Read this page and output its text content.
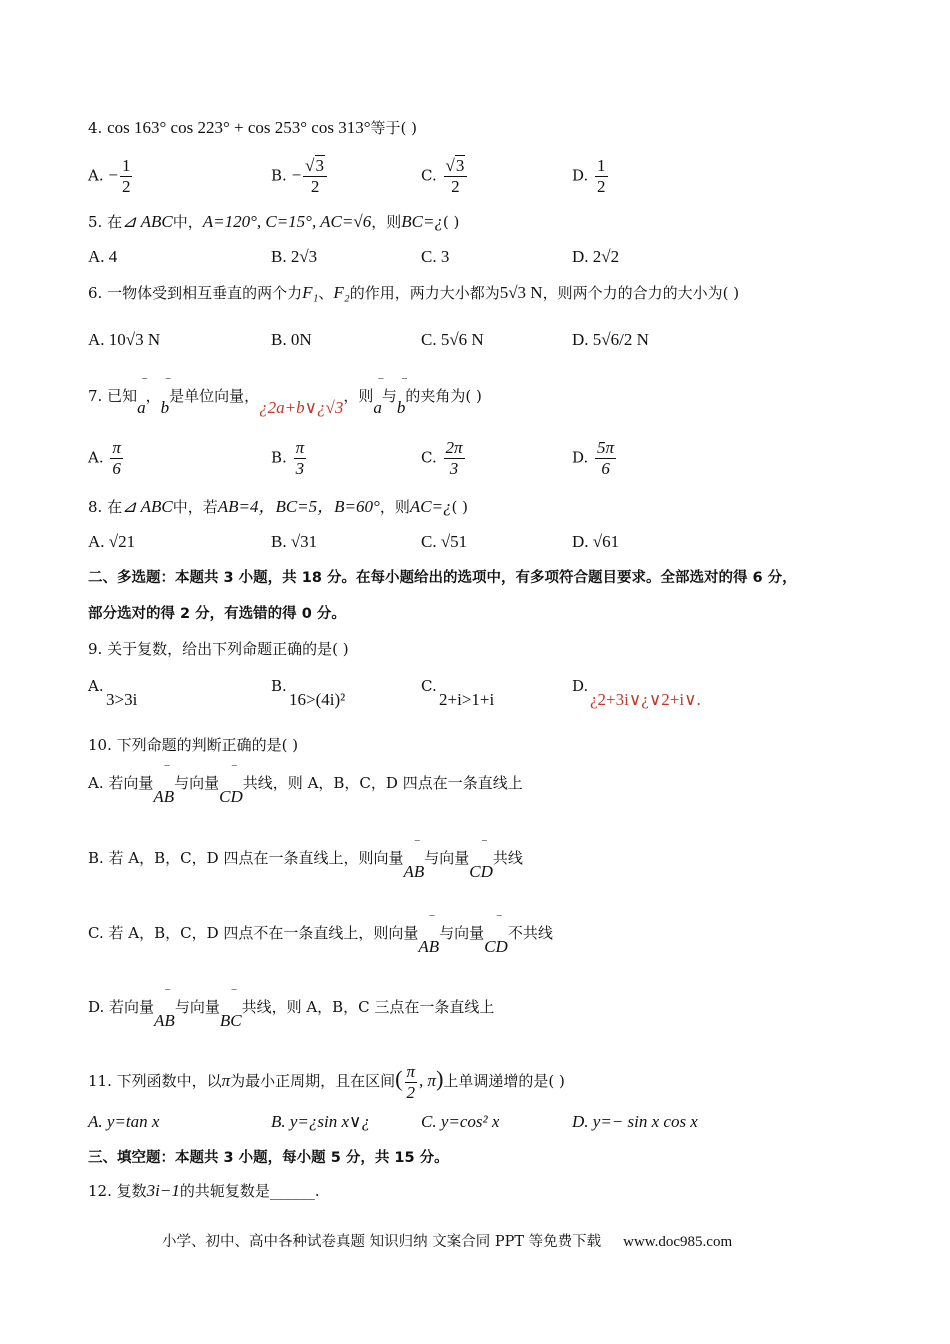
4. cos 163° cos 223° + cos 253° cos 313°等于( )
A. − $\frac{1}{2}$	B. − $\frac{√3}{2}$	C. $\frac{√3}{2}$	D. $\frac{1}{2}$
5. 在⊿ ABC中，A=120°, C=15°, AC=√6，则BC=¿( )
A. 4	B. 2√3	C. 3	D. 2√2
6. 一物体受到相互垂直的两个力F₁、F₂的作用，两力大小都为5√3 N，则两个力的合力的大小为( )
A. 10√3 N	B. 0N	C. 5√6 N	D. 5√6/2 N
7. 已知
¯
a，
¯
b是单位向量，¿2a+b∨¿√3，则
¯
a与
¯
b的夹角为( )
A. $\frac{\pi}{6}$	B. $\frac{\pi}{3}$	C. $\frac{2\pi}{3}$	D. $\frac{5\pi}{6}$
8. 在⊿ ABC中，若AB=4，BC=5，B=60°，则AC=¿( )
A. √21	B. √31	C. √51	D. √61
二、多选题：本题共 3 小题，共 18 分。在每小题给出的选项中，有多项符合题目要求。全部选对的得 6 分，
部分选对的得 2 分，有选错的得 0 分。
9. 关于复数，给出下列命题正确的是( )
A.
3>3i
B.
16>(4i)²
C.
2+i>1+i
D.
¿2+3i∨¿∨2+i∨.
10. 下列命题的判断正确的是( )
A. 若向量
¯
AB与向量
¯
CD共线，则 A，B，C，D 四点在一条直线上
B. 若 A，B，C，D 四点在一条直线上，则向量
¯
AB与向量
¯
CD共线
C. 若 A，B，C，D 四点不在一条直线上，则向量
¯
AB与向量
¯
CD不共线
D. 若向量
¯
AB与向量
¯
BC共线，则 A，B，C 三点在一条直线上
11. 下列函数中，以π为最小正周期，且在区间( $\frac{\pi}{2}$ , π)上单调递增的是( )
A. y=tan x	B. y=¿sin x∨¿	C. y=cos² x	D. y=− sin x cos x
三、填空题：本题共 3 小题，每小题 5 分，共 15 分。
12. 复数3i−1的共轭复数是______.
小学、初中、高中各种试卷真题 知识归纳 文案合同 PPT 等免费下载 www.doc985.com
